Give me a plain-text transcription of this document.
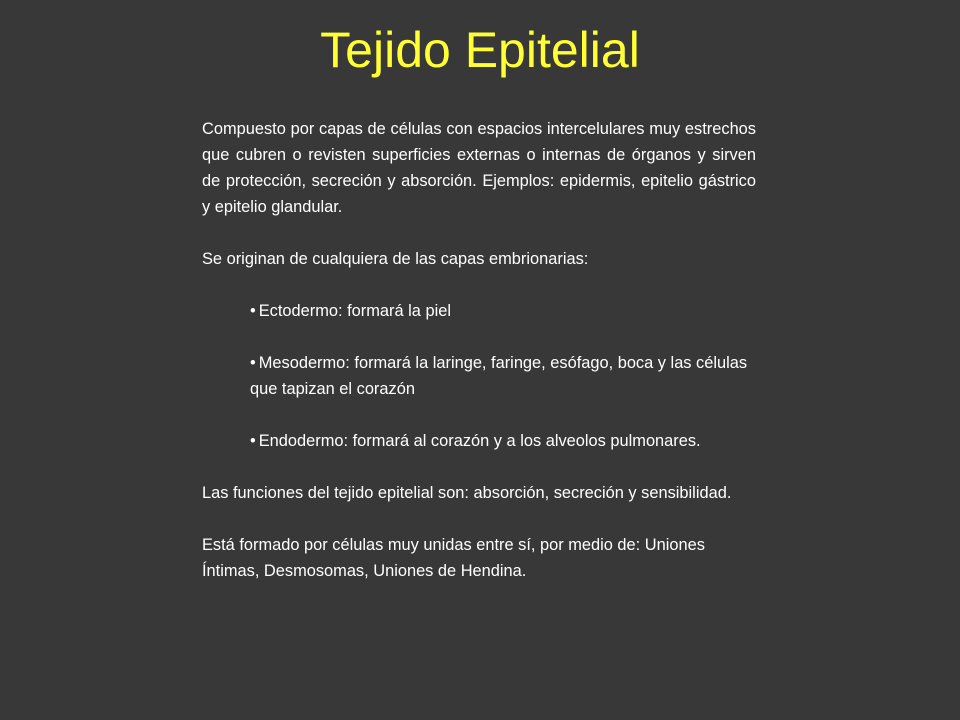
Tejido Epitelial

Compuesto por capas de células con espacios intercelulares muy estrechos que cubren o revisten superficies externas o internas de órganos y sirven de protección, secreción y absorción. Ejemplos: epidermis, epitelio gástrico y epitelio glandular.

Se originan de cualquiera de las capas embrionarias:

• Ectodermo: formará la piel

• Mesodermo: formará la laringe, faringe, esófago, boca y las células que tapizan el corazón

• Endodermo: formará al corazón y a los alveolos pulmonares.

Las funciones del tejido epitelial son: absorción, secreción y sensibilidad.

Está formado por células muy unidas entre sí, por medio de: Uniones Íntimas, Desmosomas, Uniones de Hendina.
